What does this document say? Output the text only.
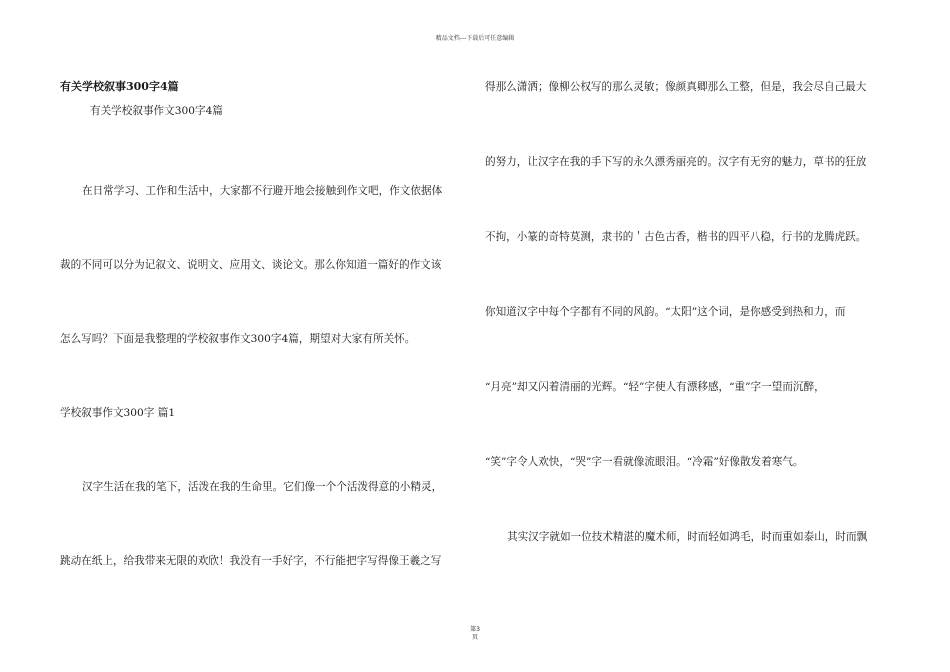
精品文档---下载后可任意编辑
有关学校叙事300字4篇
有关学校叙事作文300字4篇
在日常学习、工作和生活中，大家都不行避开地会接触到作文吧，作文依据体
裁的不同可以分为记叙文、说明文、应用文、谈论文。那么你知道一篇好的作文该
怎么写吗？下面是我整理的学校叙事作文300字4篇，期望对大家有所关怀。
学校叙事作文300字 篇1
汉字生活在我的笔下，活泼在我的生命里。它们像一个个活泼得意的小精灵，
跳动在纸上，给我带来无限的欢欣！我没有一手好字，不行能把字写得像王羲之写
得那么潇洒；像柳公权写的那么灵敏；像颜真卿那么工整，但是，我会尽自己最大
的努力，让汉字在我的手下写的永久漂秀丽亮的。汉字有无穷的魅力，草书的狂放
不拘，小篆的奇特莫测，隶书的＇古色古香，楷书的四平八稳，行书的龙腾虎跃。
你知道汉字中每个字都有不同的风韵。“太阳”这个词，是你感受到热和力，而
“月亮”却又闪着清丽的光辉。“轻”字使人有漂移感，“重”字一望而沉醉，
“笑”字令人欢快，“哭”字一看就像流眼泪。“冷霜”好像散发着寒气。
其实汉字就如一位技术精湛的魔术师，时而轻如鸿毛，时而重如泰山，时而飘
第3
页
